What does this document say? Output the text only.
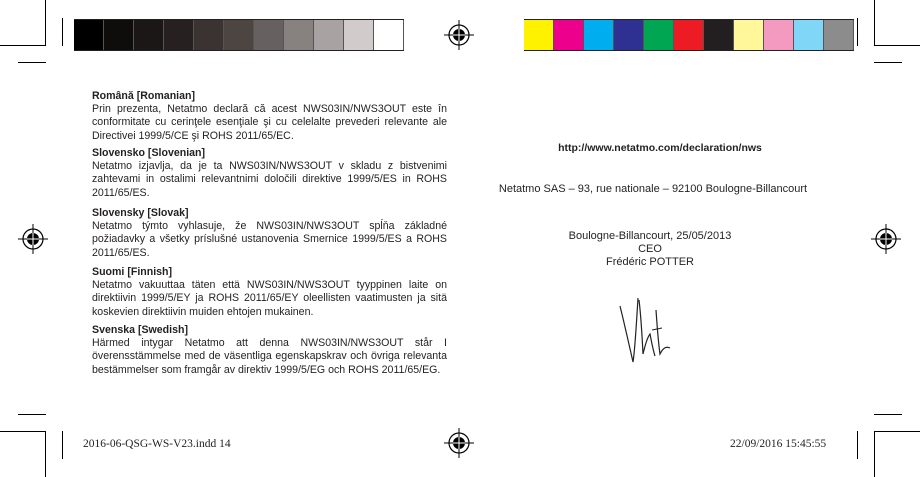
Română [Romanian]

Prin prezenta, Netatmo declară că acest NWS03IN/NWS3OUT este în conformitate cu cerinţele esenţiale şi cu celelalte prevederi relevante ale Directivei 1999/5/CE şi ROHS 2011/65/EC.

Slovensko [Slovenian]

Netatmo izjavlja, da je ta NWS03IN/NWS3OUT v skladu z bistvenimi zahtevami in ostalimi relevantnimi določili direktive 1999/5/ES in ROHS 2011/65/ES.

Slovensky [Slovak]

Netatmo týmto vyhlasuje, že NWS03IN/NWS3OUT spĺňa základné požiadavky a všetky príslušné ustanovenia Smernice 1999/5/ES a ROHS 2011/65/ES.

Suomi [Finnish]

Netatmo vakuuttaa täten että NWS03IN/NWS3OUT tyyppinen laite on direktiivin 1999/5/EY ja ROHS 2011/65/EY oleellisten vaatimusten ja sitä koskevien direktiivin muiden ehtojen mukainen.

Svenska [Swedish]

Härmed intygar Netatmo att denna NWS03IN/NWS3OUT står I överensstämmelse med de väsentliga egenskapskrav och övriga relevanta bestämmelser som framgår av direktiv 1999/5/EG och ROHS 2011/65/EG.

http://www.netatmo.com/declaration/nws
Netatmo SAS – 93, rue nationale – 92100 Boulogne-Billancourt
Boulogne-Billancourt, 25/05/2013
CEO
Frédéric POTTER
2016-06-QSG-WS-V23.indd 14	22/09/2016 15:45:55
